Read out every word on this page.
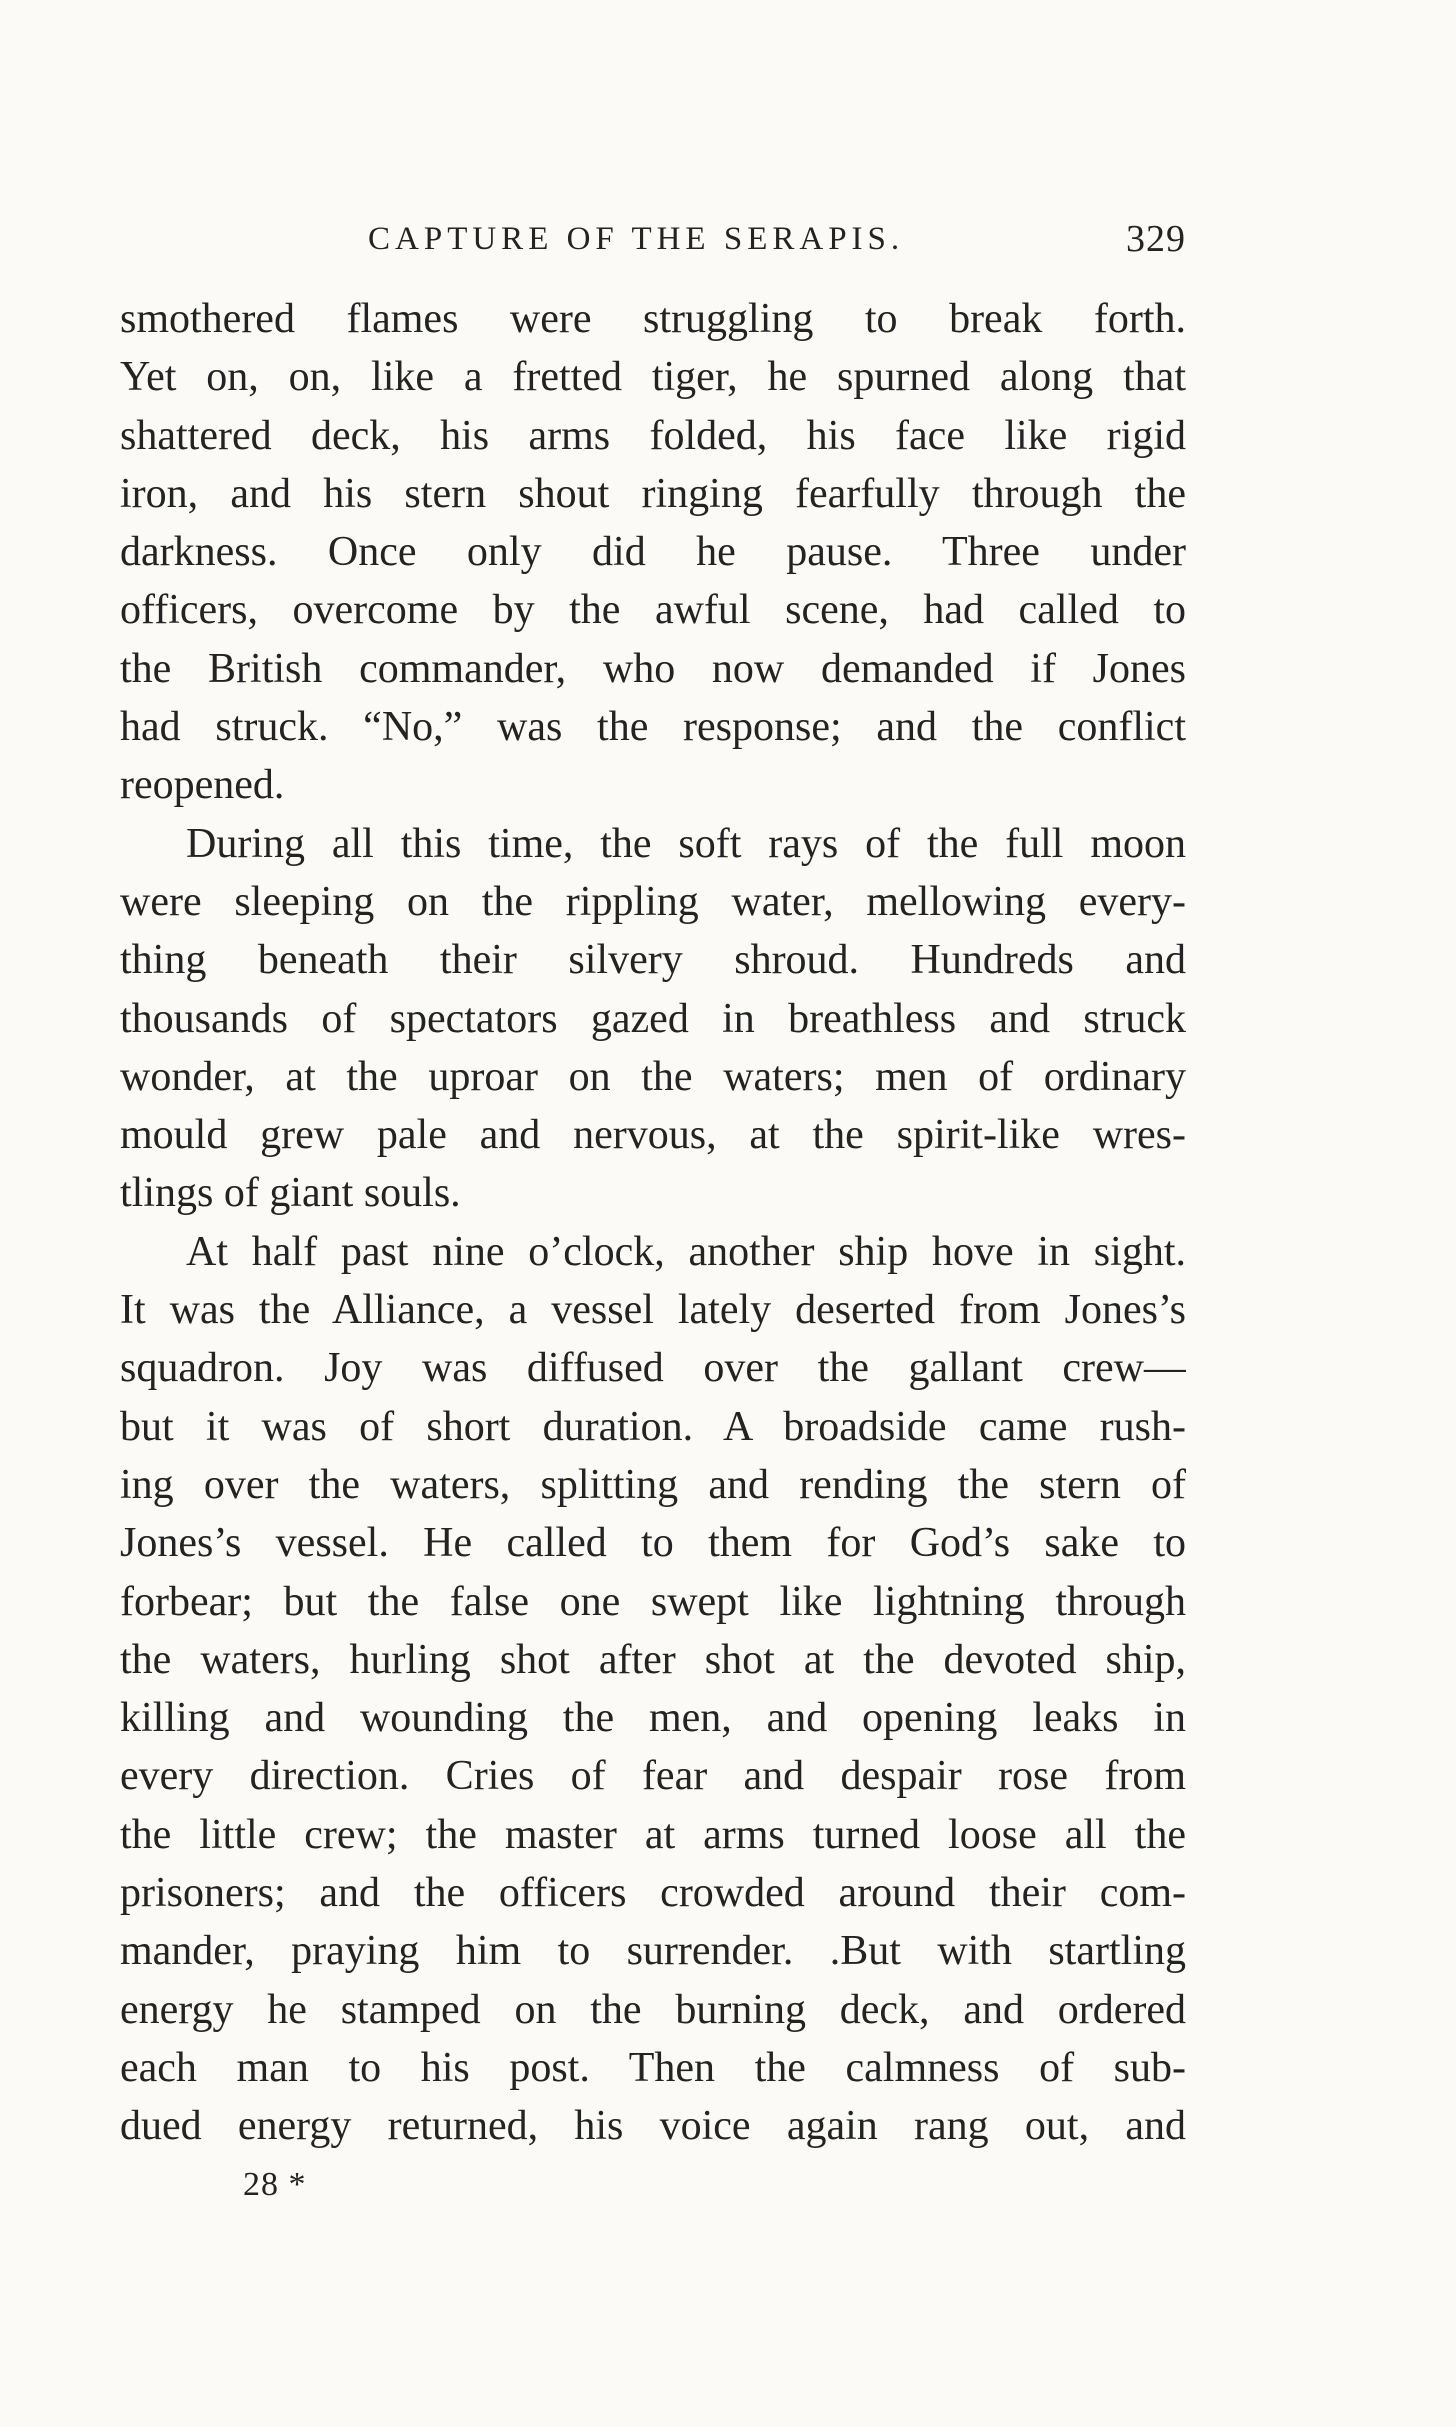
CAPTURE OF THE SERAPIS.	329
smothered flames were struggling to break forth.
Yet on, on, like a fretted tiger, he spurned along that
shattered deck, his arms folded, his face like rigid
iron, and his stern shout ringing fearfully through the
darkness. Once only did he pause. Three under
officers, overcome by the awful scene, had called to
the British commander, who now demanded if Jones
had struck. “No,” was the response; and the conflict
reopened.
During all this time, the soft rays of the full moon
were sleeping on the rippling water, mellowing every-
thing beneath their silvery shroud. Hundreds and
thousands of spectators gazed in breathless and struck
wonder, at the uproar on the waters; men of ordinary
mould grew pale and nervous, at the spirit-like wres-
tlings of giant souls.
At half past nine o’clock, another ship hove in sight.
It was the Alliance, a vessel lately deserted from Jones’s
squadron. Joy was diffused over the gallant crew—
but it was of short duration. A broadside came rush-
ing over the waters, splitting and rending the stern of
Jones’s vessel. He called to them for God’s sake to
forbear; but the false one swept like lightning through
the waters, hurling shot after shot at the devoted ship,
killing and wounding the men, and opening leaks in
every direction. Cries of fear and despair rose from
the little crew; the master at arms turned loose all the
prisoners; and the officers crowded around their com-
mander, praying him to surrender. .But with startling
energy he stamped on the burning deck, and ordered
each man to his post. Then the calmness of sub-
dued energy returned, his voice again rang out, and
28 *
